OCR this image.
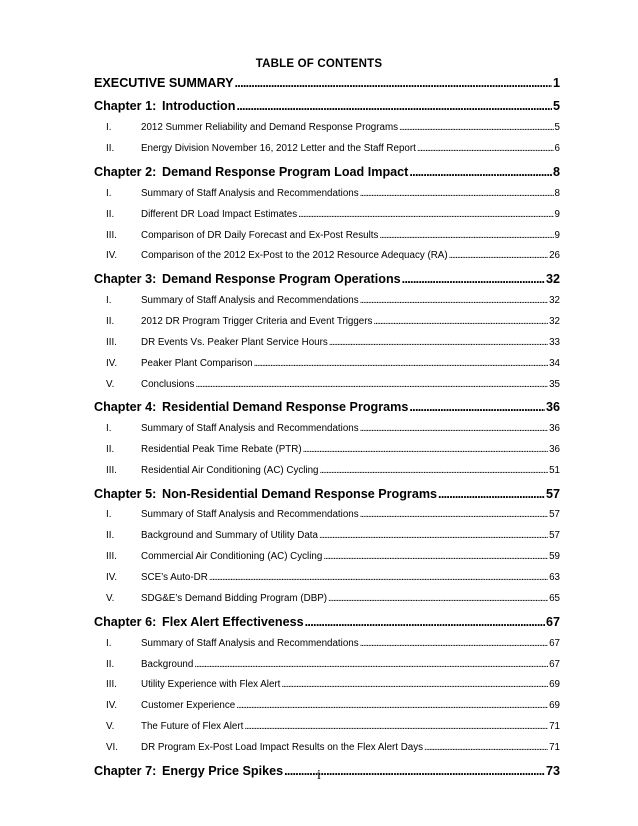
TABLE OF CONTENTS
EXECUTIVE SUMMARY . . .	1
Chapter 1: Introduction . . .	5
I.	2012 Summer Reliability and Demand Response Programs . . .	5
II.	Energy Division November 16, 2012 Letter and the Staff Report . . .	6
Chapter 2: Demand Response Program Load Impact . . .	8
I.	Summary of Staff Analysis and Recommendations . . .	8
II.	Different DR Load Impact Estimates . . .	9
III.	Comparison of DR Daily Forecast and Ex-Post Results . . .	9
IV.	Comparison of the 2012 Ex-Post to the 2012 Resource Adequacy (RA) . . .	26
Chapter 3: Demand Response Program Operations . . .	32
I.	Summary of Staff Analysis and Recommendations . . .	32
II.	2012 DR Program Trigger Criteria and Event Triggers . . .	32
III.	DR Events Vs. Peaker Plant Service Hours . . .	33
IV.	Peaker Plant Comparison . . .	34
V.	Conclusions . . .	35
Chapter 4: Residential Demand Response Programs . . .	36
I.	Summary of Staff Analysis and Recommendations . . .	36
II.	Residential Peak Time Rebate (PTR) . . .	36
III.	Residential Air Conditioning (AC) Cycling . . .	51
Chapter 5: Non-Residential Demand Response Programs . . .	57
I.	Summary of Staff Analysis and Recommendations . . .	57
II.	Background and Summary of Utility Data . . .	57
III.	Commercial Air Conditioning (AC) Cycling . . .	59
IV.	SCE’s Auto-DR . . .	63
V.	SDG&E’s Demand Bidding Program (DBP) . . .	65
Chapter 6: Flex Alert Effectiveness . . .	67
I.	Summary of Staff Analysis and Recommendations . . .	67
II.	Background . . .	67
III.	Utility Experience with Flex Alert . . .	69
IV.	Customer Experience . . .	69
V.	The Future of Flex Alert . . .	71
VI.	DR Program Ex-Post Load Impact Results on the Flex Alert Days . . .	71
Chapter 7: Energy Price Spikes . . .	73
i
